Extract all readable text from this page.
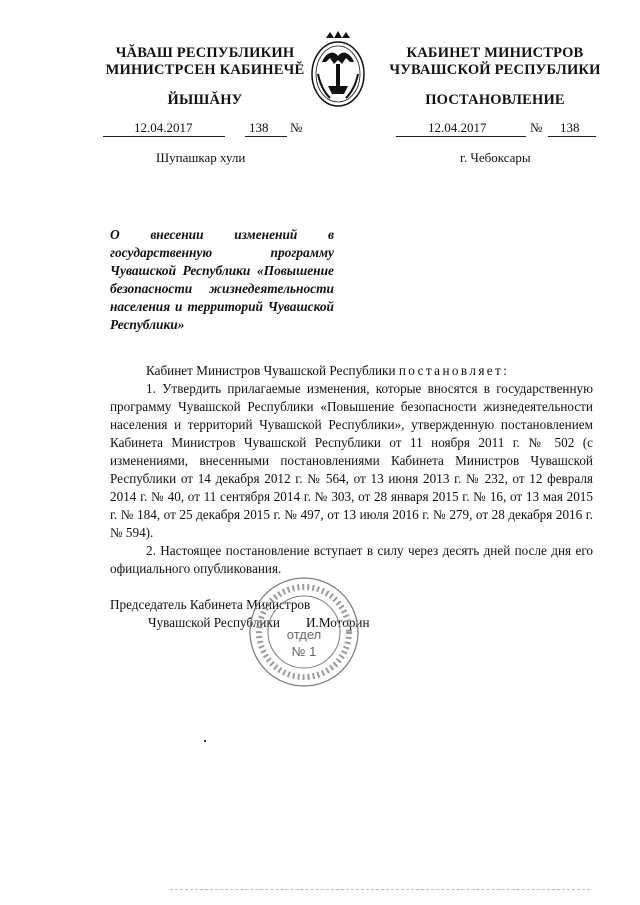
ЧĂВАШ РЕСПУБЛИКИН
МИНИСТРСЕН КАБИНЕЧĔ
ЙЫШĂНУ
КАБИНЕТ МИНИСТРОВ
ЧУВАШСКОЙ РЕСПУБЛИКИ
ПОСТАНОВЛЕНИЕ
12.04.2017	138 №	12.04.2017	№ 138
Шупашкар хули	г. Чебоксары
О внесении изменений в государственную программу Чувашской Республики «Повышение безопасности жизнедеятельности населения и территорий Чувашской Республики»

Кабинет Министров Чувашской Республики постановляет:

1. Утвердить прилагаемые изменения, которые вносятся в государственную программу Чувашской Республики «Повышение безопасности жизнедеятельности населения и территорий Чувашской Республики», утвержденную постановлением Кабинета Министров Чувашской Республики от 11 ноября 2011 г. № 502 (с изменениями, внесенными постановлениями Кабинета Министров Чувашской Республики от 14 декабря 2012 г. № 564, от 13 июня 2013 г. № 232, от 12 февраля 2014 г. № 40, от 11 сентября 2014 г. № 303, от 28 января 2015 г. № 16, от 13 мая 2015 г. № 184, от 25 декабря 2015 г. № 497, от 13 июля 2016 г. № 279, от 28 декабря 2016 г. № 594).

2. Настоящее постановление вступает в силу через десять дней после дня его официального опубликования.

Председатель Кабинета Министров
Чувашской Республики И.Моторин
отдел
№ 1
